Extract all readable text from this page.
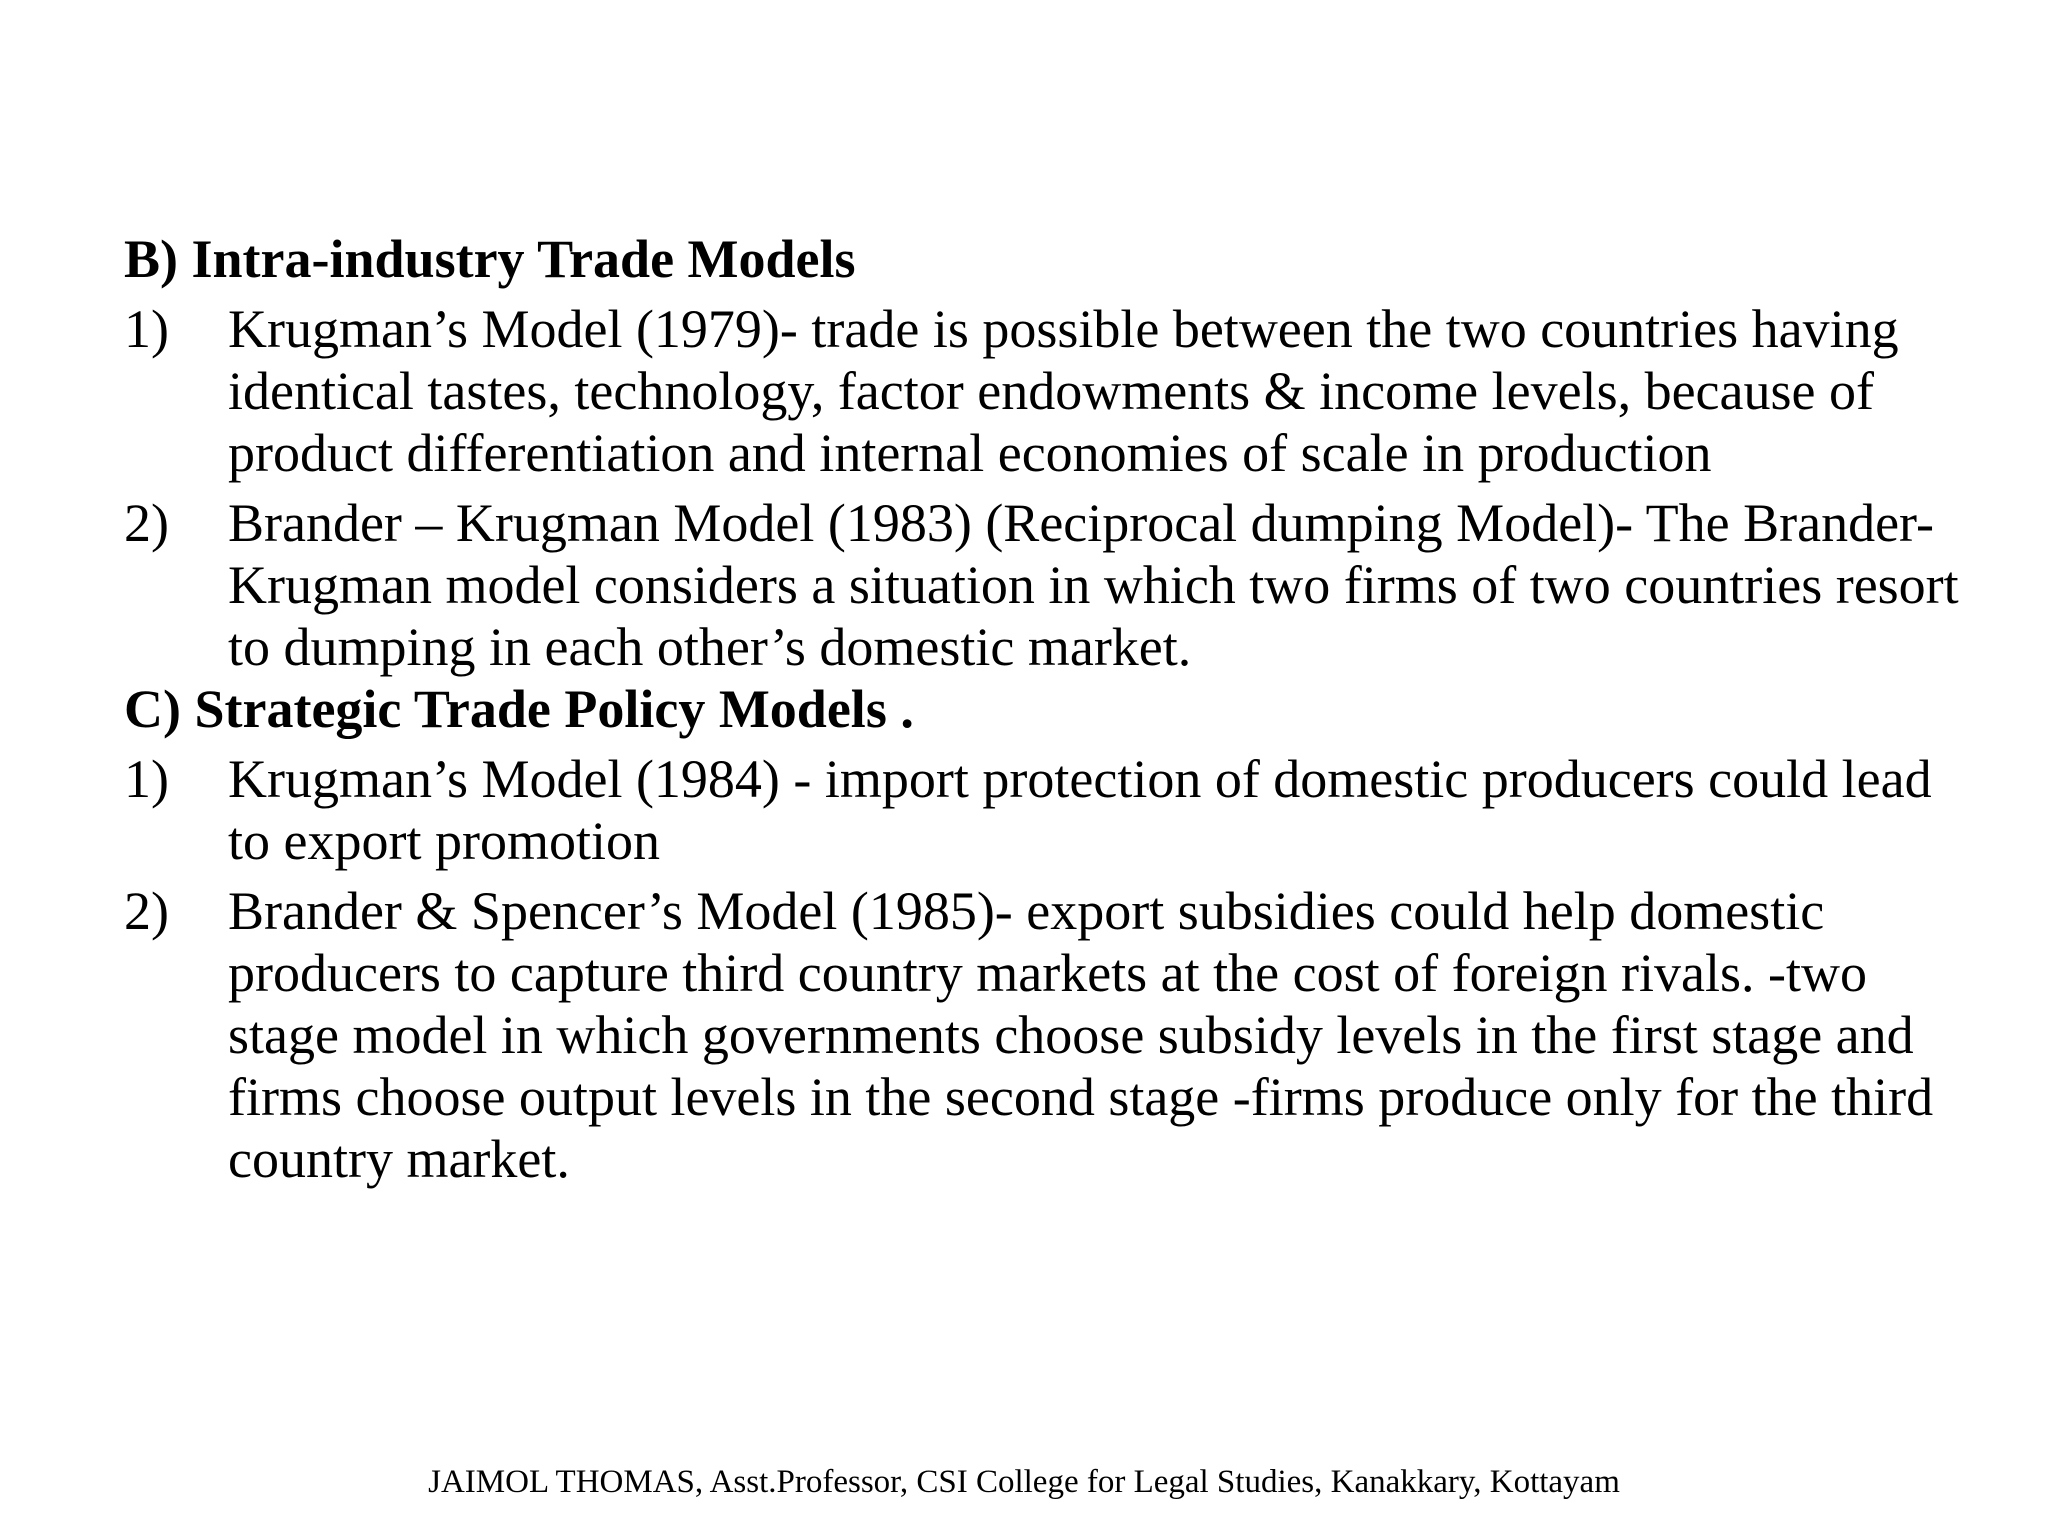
B) Intra-industry Trade Models
1) Krugman’s Model (1979)- trade is possible between the two countries having identical tastes, technology, factor endowments & income levels, because of product differentiation and internal economies of scale in production
2) Brander – Krugman Model (1983) (Reciprocal dumping Model)- The Brander- Krugman model considers a situation in which two firms of two countries resort to dumping in each other’s domestic market.
C) Strategic Trade Policy Models .
1) Krugman’s Model (1984) - import protection of domestic producers could lead to export promotion
2) Brander & Spencer’s Model (1985)- export subsidies could help domestic producers to capture third country markets at the cost of foreign rivals. -two stage model in which governments choose subsidy levels in the first stage and firms choose output levels in the second stage -firms produce only for the third country market.
JAIMOL THOMAS, Asst.Professor, CSI College for Legal Studies, Kanakkary, Kottayam
